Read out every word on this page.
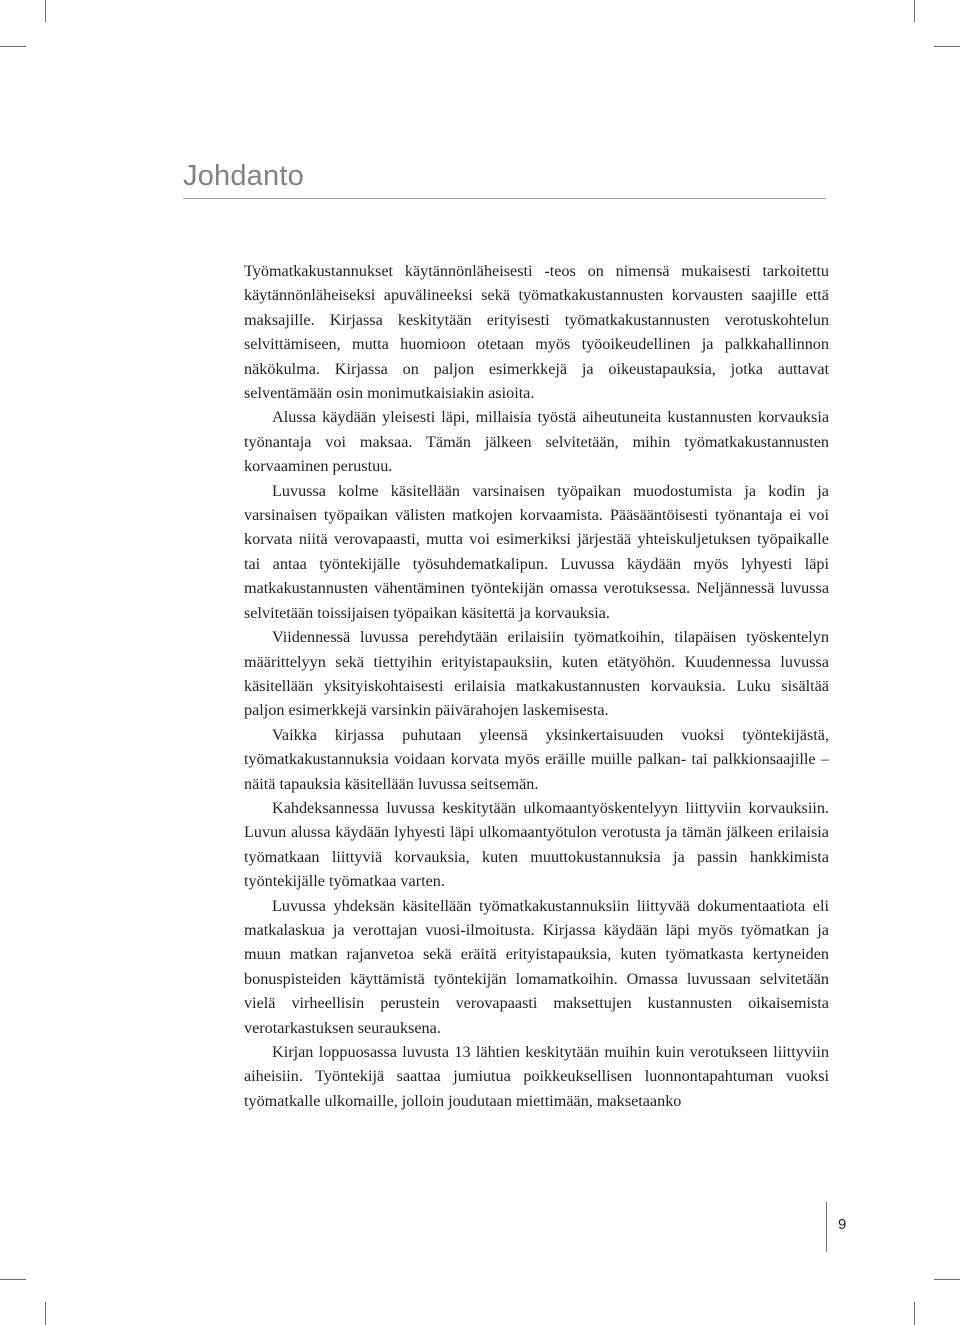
Johdanto

Työmatkakustannukset käytännönläheisesti -teos on nimensä mukaisesti tarkoitettu käytännönläheiseksi apuvälineeksi sekä työmatkakustannusten korvausten saajille että maksajille. Kirjassa keskitytään erityisesti työmatkakustannusten verotuskohtelun selvittämiseen, mutta huomioon otetaan myös työoikeudellinen ja palkkahallinnon näkökulma. Kirjassa on paljon esimerkkejä ja oikeustapauksia, jotka auttavat selventämään osin monimutkaisiakin asioita.

Alussa käydään yleisesti läpi, millaisia työstä aiheutuneita kustannusten korvauksia työnantaja voi maksaa. Tämän jälkeen selvitetään, mihin työmatkakustannusten korvaaminen perustuu.

Luvussa kolme käsitellään varsinaisen työpaikan muodostumista ja kodin ja varsinaisen työpaikan välisten matkojen korvaamista. Pääsääntöisesti työnantaja ei voi korvata niitä verovapaasti, mutta voi esimerkiksi järjestää yhteiskuljetuksen työpaikalle tai antaa työntekijälle työsuhdematkalipun. Luvussa käydään myös lyhyesti läpi matkakustannusten vähentäminen työntekijän omassa verotuksessa. Neljännessä luvussa selvitetään toissijaisen työpaikan käsitettä ja korvauksia.

Viidennessä luvussa perehdytään erilaisiin työmatkoihin, tilapäisen työskentelyn määrittelyyn sekä tiettyihin erityistapauksiin, kuten etätyöhön. Kuudennessa luvussa käsitellään yksityiskohtaisesti erilaisia matkakustannusten korvauksia. Luku sisältää paljon esimerkkejä varsinkin päivärahojen laskemisesta.

Vaikka kirjassa puhutaan yleensä yksinkertaisuuden vuoksi työntekijästä, työmatkakustannuksia voidaan korvata myös eräille muille palkan- tai palkkionsaajille – näitä tapauksia käsitellään luvussa seitsemän.

Kahdeksannessa luvussa keskitytään ulkomaantyöskentelyyn liittyviin korvauksiin. Luvun alussa käydään lyhyesti läpi ulkomaantyötulon verotusta ja tämän jälkeen erilaisia työmatkaan liittyviä korvauksia, kuten muuttokustannuksia ja passin hankkimista työntekijälle työmatkaa varten.

Luvussa yhdeksän käsitellään työmatkakustannuksiin liittyvää dokumentaatiota eli matkalaskua ja verottajan vuosi-ilmoitusta. Kirjassa käydään läpi myös työmatkan ja muun matkan rajanvetoa sekä eräitä erityistapauksia, kuten työmatkasta kertyneiden bonuspisteiden käyttämistä työntekijän lomamatkoihin. Omassa luvussaan selvitetään vielä virheellisin perustein verovapaasti maksettujen kustannusten oikaisemista verotarkastuksen seurauksena.

Kirjan loppuosassa luvusta 13 lähtien keskitytään muihin kuin verotukseen liittyviin aiheisiin. Työntekijä saattaa jumiutua poikkeuksellisen luonnontapahtuman vuoksi työmatkalle ulkomaille, jolloin joudutaan miettimään, maksetaanko

9
